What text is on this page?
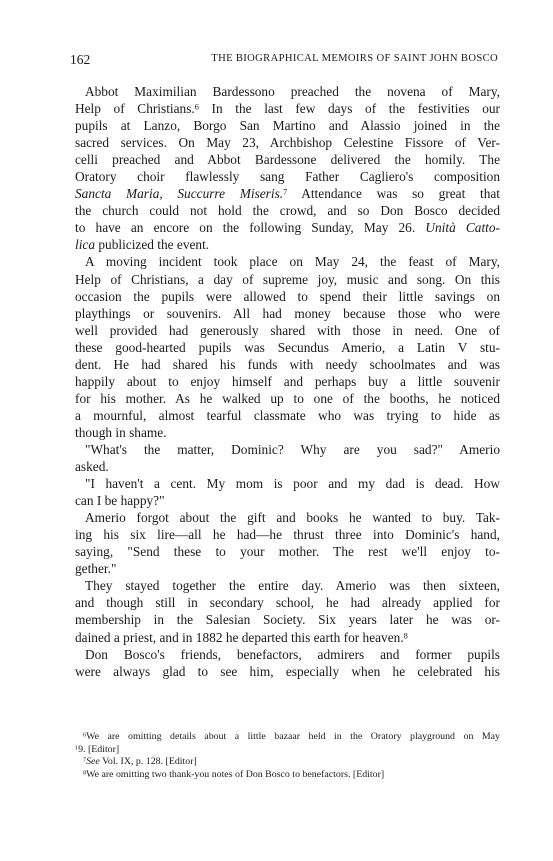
162	THE BIOGRAPHICAL MEMOIRS OF SAINT JOHN BOSCO
Abbot Maximilian Bardessono preached the novena of Mary,
Help of Christians.$^6$ In the last few days of the festivities our
pupils at Lanzo, Borgo San Martino and Alassio joined in the
sacred services. On May 23, Archbishop Celestine Fissore of Ver-
celli preached and Abbot Bardessone delivered the homily. The
Oratory choir flawlessly sang Father Cagliero's composition
Sancta Maria, Succurre Miseris.$^7$ Attendance was so great that
the church could not hold the crowd, and so Don Bosco decided
to have an encore on the following Sunday, May 26. Unità Catto-
lica publicized the event.
A moving incident took place on May 24, the feast of Mary,
Help of Christians, a day of supreme joy, music and song. On this
occasion the pupils were allowed to spend their little savings on
playthings or souvenirs. All had money because those who were
well provided had generously shared with those in need. One of
these good-hearted pupils was Secundus Amerio, a Latin V stu-
dent. He had shared his funds with needy schoolmates and was
happily about to enjoy himself and perhaps buy a little souvenir
for his mother. As he walked up to one of the booths, he noticed
a mournful, almost tearful classmate who was trying to hide as
though in shame.
"What's the matter, Dominic? Why are you sad?" Amerio
asked.
"I haven't a cent. My mom is poor and my dad is dead. How
can I be happy?"
Amerio forgot about the gift and books he wanted to buy. Tak-
ing his six lire—all he had—he thrust three into Dominic's hand,
saying, "Send these to your mother. The rest we'll enjoy to-
gether."
They stayed together the entire day. Amerio was then sixteen,
and though still in secondary school, he had already applied for
membership in the Salesian Society. Six years later he was or-
dained a priest, and in 1882 he departed this earth for heaven.$^8$
Don Bosco's friends, benefactors, admirers and former pupils
were always glad to see him, especially when he celebrated his
$^6$We are omitting details about a little bazaar held in the Oratory playground on May
$^1$9. [Editor]
$^7$See Vol. IX, p. 128. [Editor]
$^8$We are omitting two thank-you notes of Don Bosco to benefactors. [Editor]
